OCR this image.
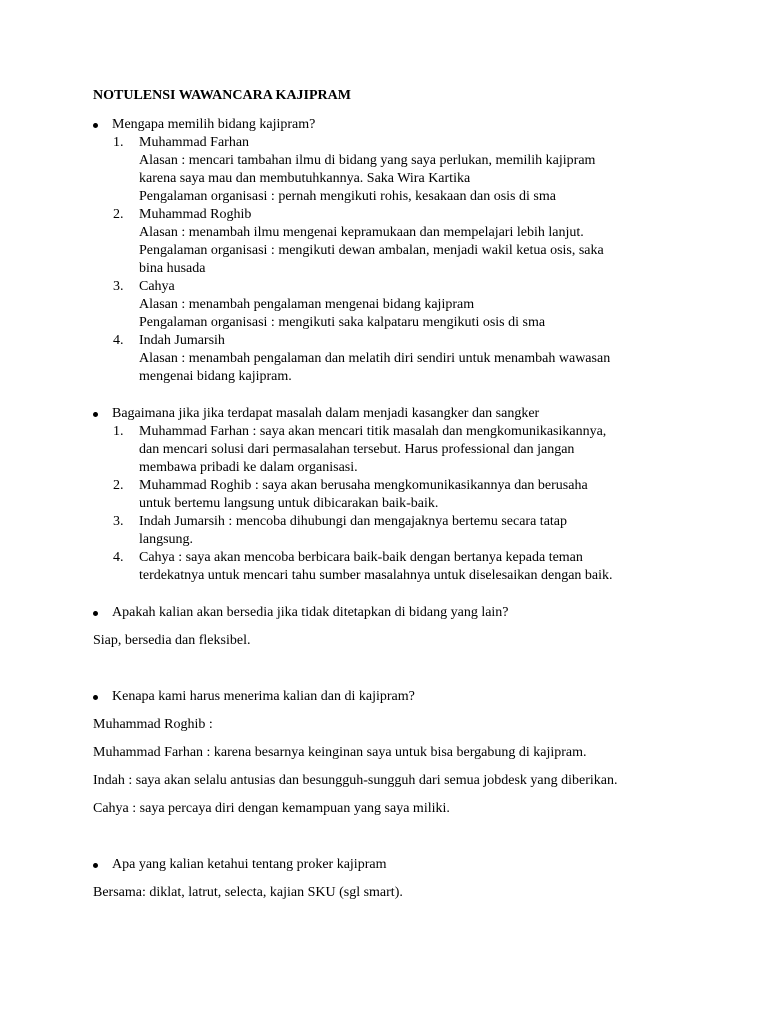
NOTULENSI WAWANCARA KAJIPRAM
Mengapa memilih bidang kajipram?
1. Muhammad Farhan
Alasan : mencari tambahan ilmu di bidang yang saya perlukan, memilih kajipram
karena saya mau dan membutuhkannya. Saka Wira Kartika
Pengalaman organisasi : pernah mengikuti rohis, kesakaan dan osis di sma
2. Muhammad Roghib
Alasan : menambah ilmu mengenai kepramukaan dan mempelajari lebih lanjut.
Pengalaman organisasi : mengikuti dewan ambalan, menjadi wakil ketua osis, saka
bina husada
3. Cahya
Alasan : menambah pengalaman mengenai bidang kajipram
Pengalaman organisasi : mengikuti saka kalpataru mengikuti osis di sma
4. Indah Jumarsih
Alasan : menambah pengalaman dan melatih diri sendiri untuk menambah wawasan
mengenai bidang kajipram.
Bagaimana jika jika terdapat masalah dalam menjadi kasangker dan sangker
1. Muhammad Farhan : saya akan mencari titik masalah dan mengkomunikasikannya,
dan mencari solusi dari permasalahan tersebut. Harus professional dan jangan
membawa pribadi ke dalam organisasi.
2. Muhammad Roghib : saya akan berusaha mengkomunikasikannya dan berusaha
untuk bertemu langsung untuk dibicarakan baik-baik.
3. Indah Jumarsih : mencoba dihubungi dan mengajaknya bertemu secara tatap
langsung.
4. Cahya : saya akan mencoba berbicara baik-baik dengan bertanya kepada teman
terdekatnya untuk mencari tahu sumber masalahnya untuk diselesaikan dengan baik.
Apakah kalian akan bersedia jika tidak ditetapkan di bidang yang lain?
Siap, bersedia dan fleksibel.
Kenapa kami harus menerima kalian dan di kajipram?
Muhammad Roghib :
Muhammad Farhan : karena besarnya keinginan saya untuk bisa bergabung di kajipram.
Indah : saya akan selalu antusias dan besungguh-sungguh dari semua jobdesk yang diberikan.
Cahya : saya percaya diri dengan kemampuan yang saya miliki.
Apa yang kalian ketahui tentang proker kajipram
Bersama: diklat, latrut, selecta, kajian SKU (sgl smart).
